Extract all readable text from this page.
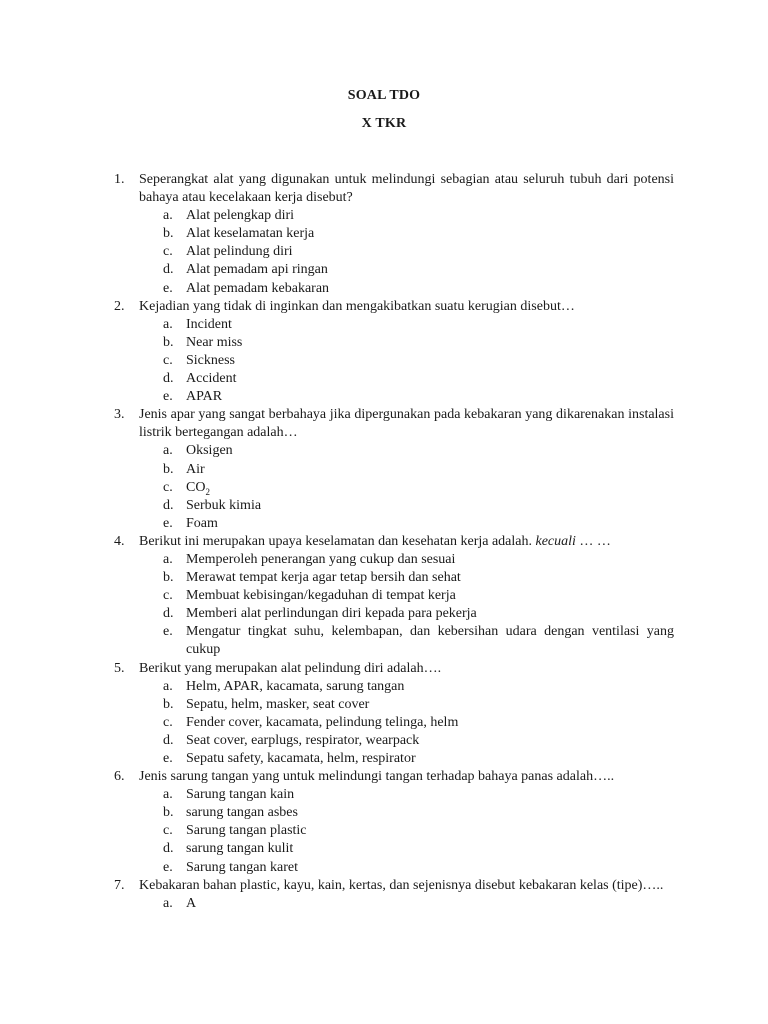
SOAL TDO
X TKR
1.	Seperangkat alat yang digunakan untuk melindungi sebagian atau seluruh tubuh dari potensi bahaya atau kecelakaan kerja disebut?
a. Alat pelengkap diri
b. Alat keselamatan kerja
c. Alat pelindung diri
d. Alat pemadam api ringan
e. Alat pemadam kebakaran
2.	Kejadian yang tidak di inginkan dan mengakibatkan suatu kerugian disebut…
a. Incident
b. Near miss
c. Sickness
d. Accident
e. APAR
3.	Jenis apar yang sangat berbahaya jika dipergunakan pada kebakaran yang dikarenakan instalasi listrik bertegangan adalah…
a. Oksigen
b. Air
c. $CO_2$
d. Serbuk kimia
e. Foam
4.	Berikut ini merupakan upaya keselamatan dan kesehatan kerja adalah. kecuali … …
a. Memperoleh penerangan yang cukup dan sesuai
b. Merawat tempat kerja agar tetap bersih dan sehat
c. Membuat kebisingan/kegaduhan di tempat kerja
d. Memberi alat perlindungan diri kepada para pekerja
e. Mengatur tingkat suhu, kelembapan, dan kebersihan udara dengan ventilasi yang cukup
5.	Berikut yang merupakan alat pelindung diri adalah….
a. Helm, APAR, kacamata, sarung tangan
b. Sepatu, helm, masker, seat cover
c. Fender cover, kacamata, pelindung telinga, helm
d. Seat cover, earplugs, respirator, wearpack
e. Sepatu safety, kacamata, helm, respirator
6.	Jenis sarung tangan yang untuk melindungi tangan terhadap bahaya panas adalah…..
a. Sarung tangan kain
b. sarung tangan asbes
c. Sarung tangan plastic
d. sarung tangan kulit
e. Sarung tangan karet
7.	Kebakaran bahan plastic, kayu, kain, kertas, dan sejenisnya disebut kebakaran kelas (tipe)…..
a. A
